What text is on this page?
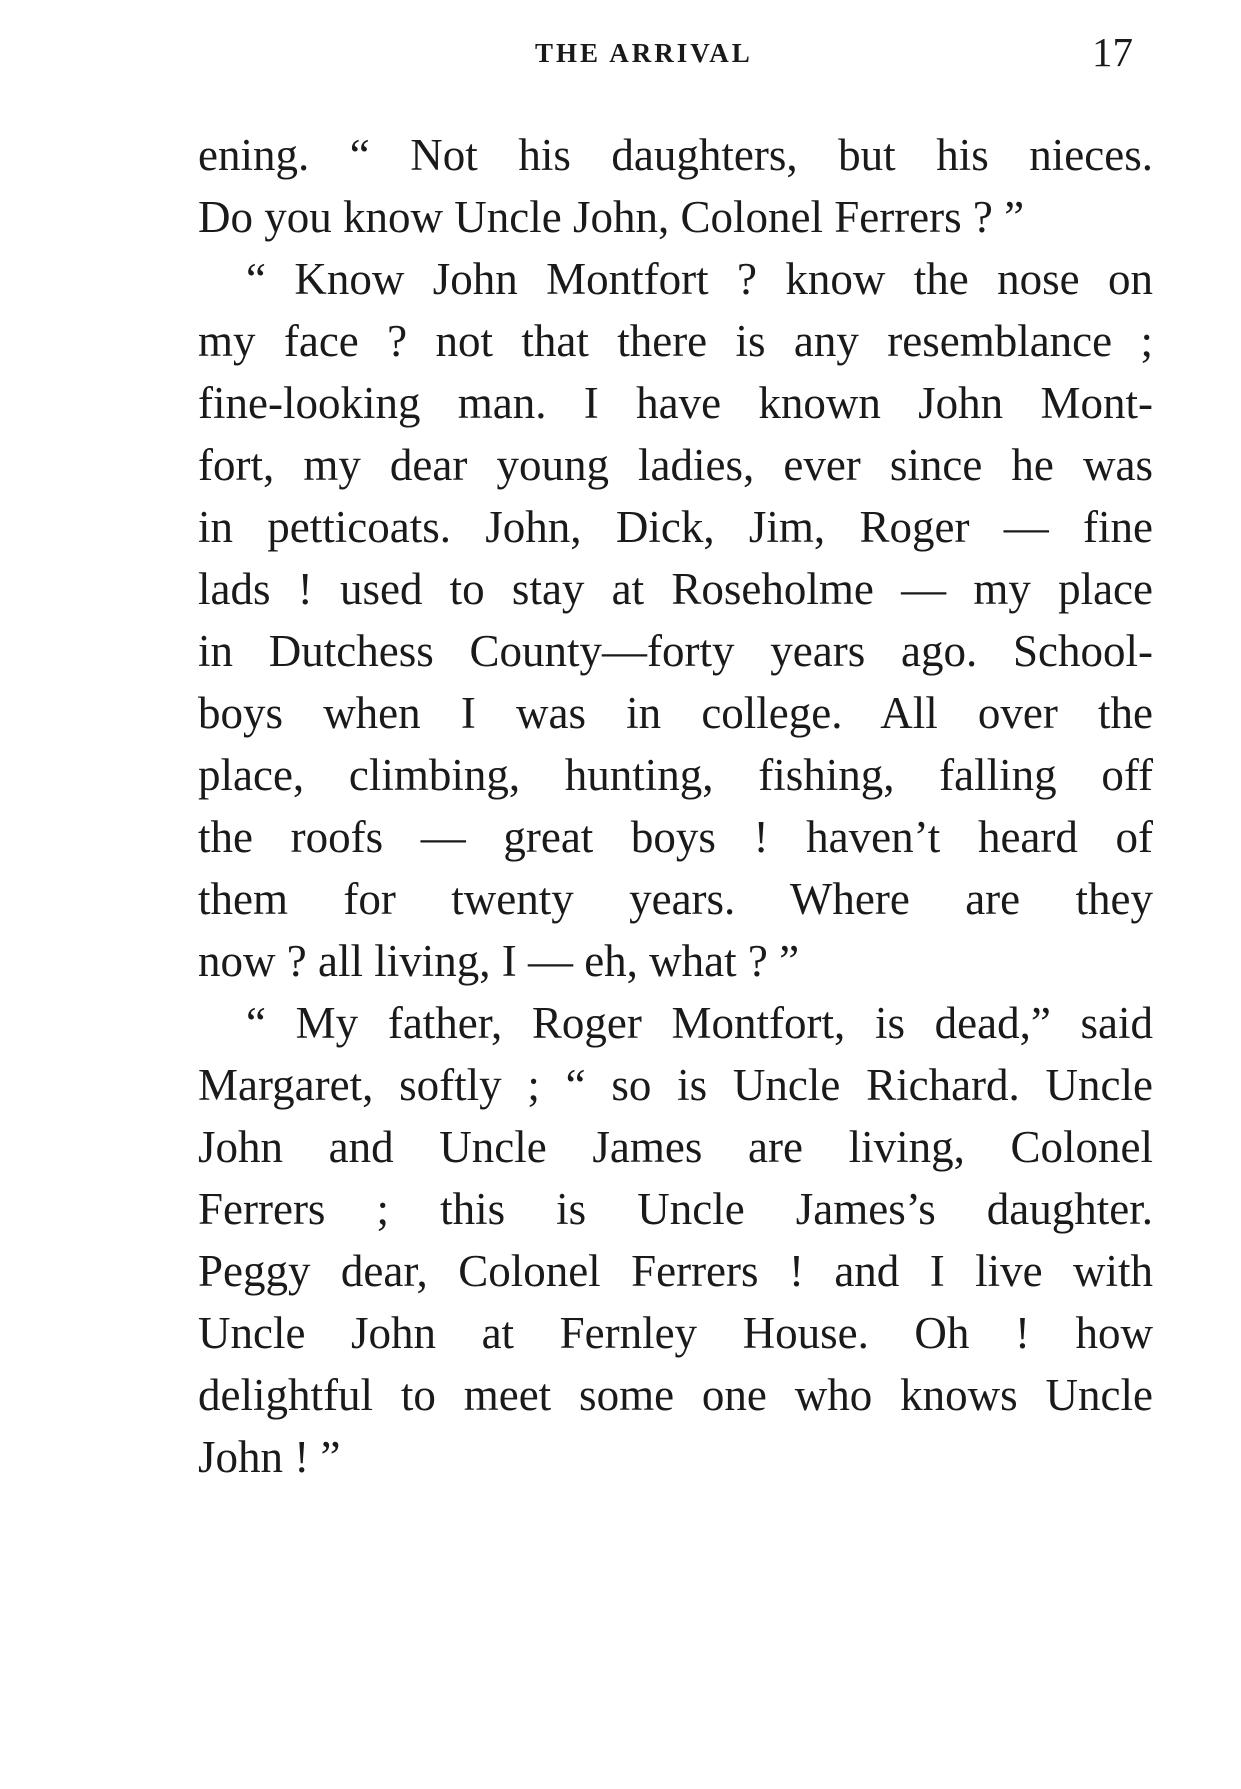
THE ARRIVAL	17
ening. “ Not his daughters, but his nieces.
Do you know Uncle John, Colonel Ferrers ? ”
“ Know John Montfort ? know the nose on
my face ? not that there is any resemblance ;
fine-looking man. I have known John Mont-
fort, my dear young ladies, ever since he was
in petticoats. John, Dick, Jim, Roger — fine
lads ! used to stay at Roseholme — my place
in Dutchess County—forty years ago. School-
boys when I was in college. All over the
place, climbing, hunting, fishing, falling off
the roofs — great boys ! haven’t heard of
them for twenty years. Where are they
now ? all living, I — eh, what ? ”
“ My father, Roger Montfort, is dead,” said
Margaret, softly ; “ so is Uncle Richard. Uncle
John and Uncle James are living, Colonel
Ferrers ; this is Uncle James’s daughter.
Peggy dear, Colonel Ferrers ! and I live with
Uncle John at Fernley House. Oh ! how
delightful to meet some one who knows Uncle
John ! ”
